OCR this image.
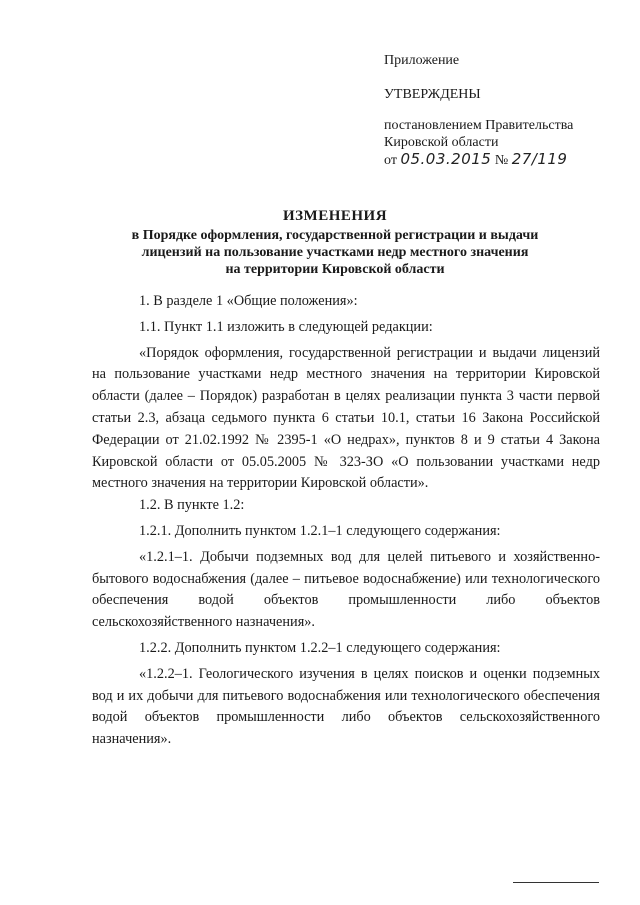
Приложение
УТВЕРЖДЕНЫ
постановлением Правительства
Кировской области
от 05.03.2015 № 27/119
ИЗМЕНЕНИЯ
в Порядке оформления, государственной регистрации и выдачи
лицензий на пользование участками недр местного значения
на территории Кировской области

1. В разделе 1 «Общие положения»:

1.1. Пункт 1.1 изложить в следующей редакции:

«Порядок оформления, государственной регистрации и выдачи лицензий на пользование участками недр местного значения на территории Кировской области (далее – Порядок) разработан в целях реализации пункта 3 части первой статьи 2.3, абзаца седьмого пункта 6 статьи 10.1, статьи 16 Закона Российской Федерации от 21.02.1992 № 2395-1 «О недрах», пунктов 8 и 9 статьи 4 Закона Кировской области от 05.05.2005 № 323-ЗО «О пользовании участками недр местного значения на территории Кировской области».

1.2. В пункте 1.2:

1.2.1. Дополнить пунктом 1.2.1–1 следующего содержания:

«1.2.1–1. Добычи подземных вод для целей питьевого и хозяйственно-бытового водоснабжения (далее – питьевое водоснабжение) или технологического обеспечения водой объектов промышленности либо объектов сельскохозяйственного назначения».

1.2.2. Дополнить пунктом 1.2.2–1 следующего содержания:

«1.2.2–1. Геологического изучения в целях поисков и оценки подземных вод и их добычи для питьевого водоснабжения или технологического обеспечения водой объектов промышленности либо объектов сельскохозяйственного назначения».
